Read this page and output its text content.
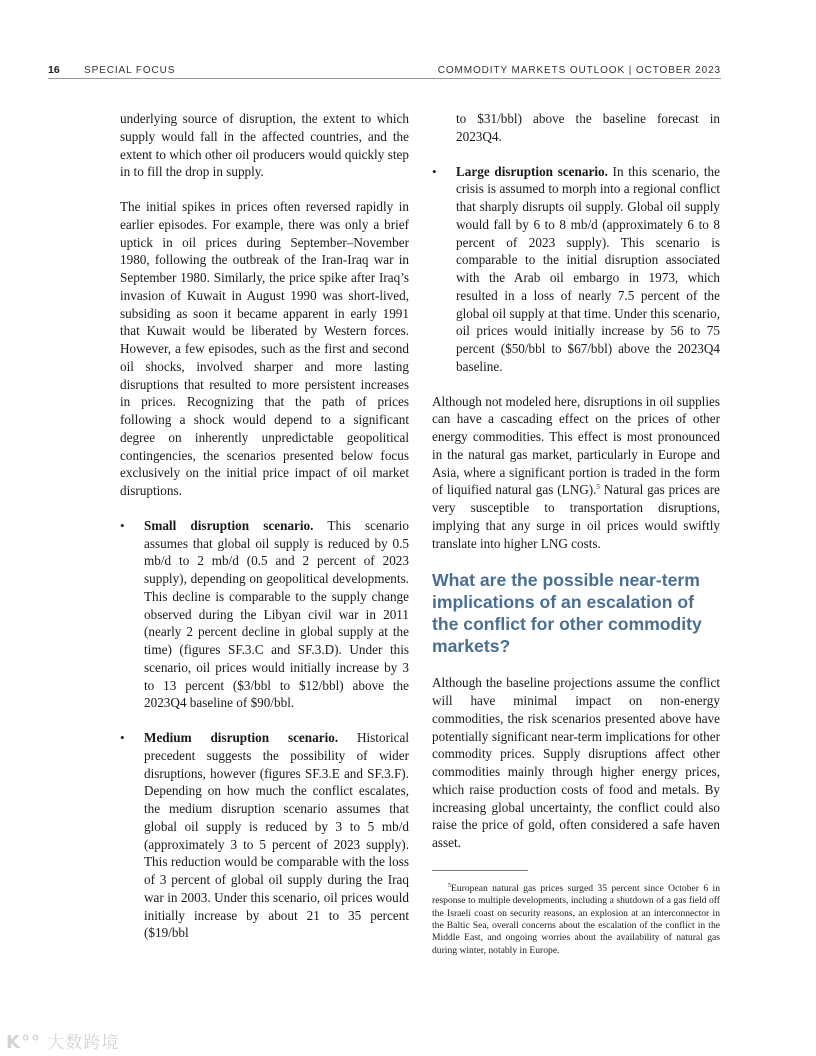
16 SPECIAL FOCUS	COMMODITY MARKETS OUTLOOK | OCTOBER 2023

underlying source of disruption, the extent to which supply would fall in the affected countries, and the extent to which other oil producers would quickly step in to fill the drop in supply.

The initial spikes in prices often reversed rapidly in earlier episodes. For example, there was only a brief uptick in oil prices during September–November 1980, following the outbreak of the Iran-Iraq war in September 1980. Similarly, the price spike after Iraq’s invasion of Kuwait in August 1990 was short-lived, subsiding as soon it became apparent in early 1991 that Kuwait would be liberated by Western forces. However, a few episodes, such as the first and second oil shocks, involved sharper and more lasting disruptions that resulted to more persistent increases in prices. Recognizing that the path of prices following a shock would depend to a significant degree on inherently unpredictable geopolitical contingencies, the scenarios presented below focus exclusively on the initial price impact of oil market disruptions.

• Small disruption scenario. This scenario assumes that global oil supply is reduced by 0.5 mb/d to 2 mb/d (0.5 and 2 percent of 2023 supply), depending on geopolitical developments. This decline is comparable to the supply change observed during the Libyan civil war in 2011 (nearly 2 percent decline in global supply at the time) (figures SF.3.C and SF.3.D). Under this scenario, oil prices would initially increase by 3 to 13 percent ($3/bbl to $12/bbl) above the 2023Q4 baseline of $90/bbl.
• Medium disruption scenario. Historical precedent suggests the possibility of wider disruptions, however (figures SF.3.E and SF.3.F). Depending on how much the conflict escalates, the medium disruption scenario assumes that global oil supply is reduced by 3 to 5 mb/d (approximately 3 to 5 percent of 2023 supply). This reduction would be comparable with the loss of 3 percent of global oil supply during the Iraq war in 2003. Under this scenario, oil prices would initially increase by about 21 to 35 percent ($19/bbl
to $31/bbl) above the baseline forecast in 2023Q4.
• Large disruption scenario. In this scenario, the crisis is assumed to morph into a regional conflict that sharply disrupts oil supply. Global oil supply would fall by 6 to 8 mb/d (approximately 6 to 8 percent of 2023 supply). This scenario is comparable to the initial disruption associated with the Arab oil embargo in 1973, which resulted in a loss of nearly 7.5 percent of the global oil supply at that time. Under this scenario, oil prices would initially increase by 56 to 75 percent ($50/bbl to $67/bbl) above the 2023Q4 baseline.

Although not modeled here, disruptions in oil supplies can have a cascading effect on the prices of other energy commodities. This effect is most pronounced in the natural gas market, particularly in Europe and Asia, where a significant portion is traded in the form of liquified natural gas (LNG).$^5$ Natural gas prices are very susceptible to transportation disruptions, implying that any surge in oil prices would swiftly translate into higher LNG costs.

What are the possible near-term implications of an escalation of the conflict for other commodity markets?

Although the baseline projections assume the conflict will have minimal impact on non-energy commodities, the risk scenarios presented above have potentially significant near-term implications for other commodity prices. Supply disruptions affect other commodities mainly through higher energy prices, which raise production costs of food and metals. By increasing global uncertainty, the conflict could also raise the price of gold, often considered a safe haven asset.

$^5$European natural gas prices surged 35 percent since October 6 in response to multiple developments, including a shutdown of a gas field off the Israeli coast on security reasons, an explosion at an interconnector in the Baltic Sea, overall concerns about the escalation of the conflict in the Middle East, and ongoing worries about the availability of natural gas during winter, notably in Europe.

K°° 大数跨境
